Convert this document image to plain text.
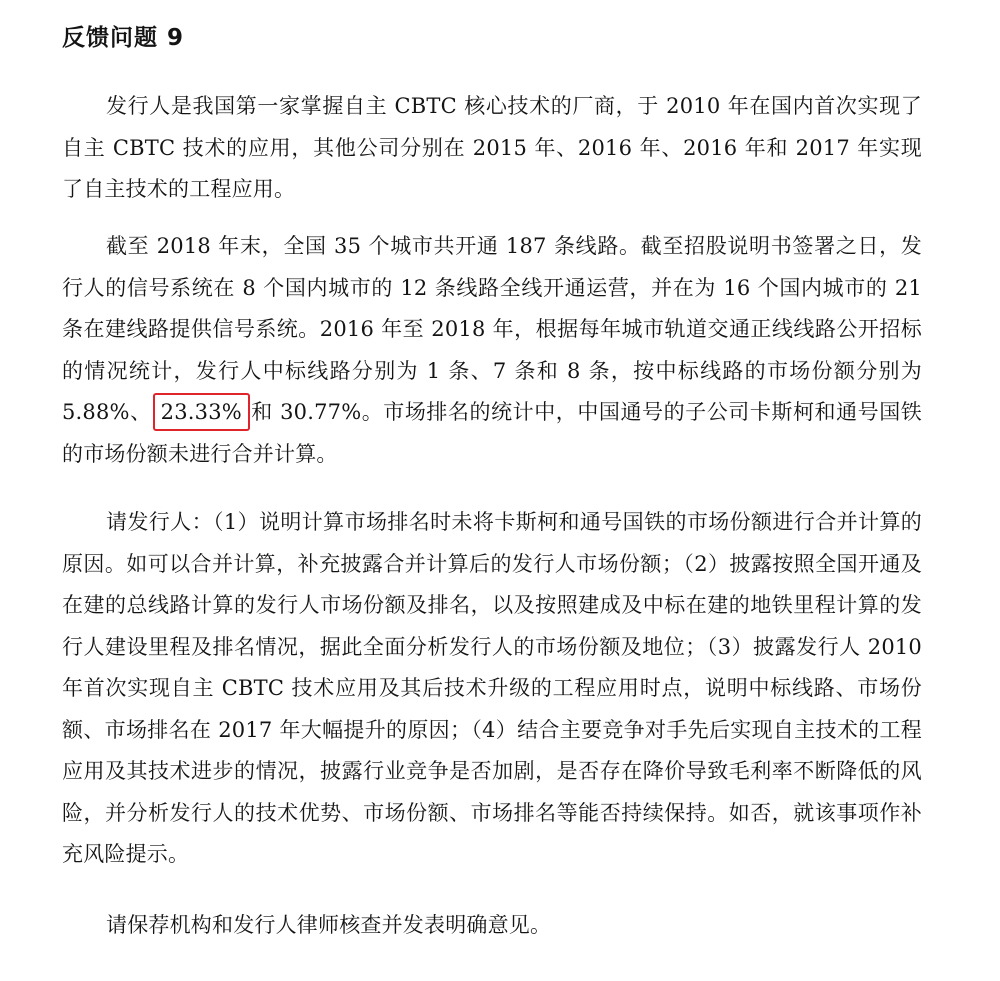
反馈问题 9

发行人是我国第一家掌握自主 CBTC 核心技术的厂商，于 2010 年在国内首次实现了自主 CBTC 技术的应用，其他公司分别在 2015 年、2016 年、2016 年和 2017 年实现了自主技术的工程应用。

截至 2018 年末，全国 35 个城市共开通 187 条线路。截至招股说明书签署之日，发行人的信号系统在 8 个国内城市的 12 条线路全线开通运营，并在为 16 个国内城市的 21 条在建线路提供信号系统。2016 年至 2018 年，根据每年城市轨道交通正线线路公开招标的情况统计，发行人中标线路分别为 1 条、7 条和 8 条，按中标线路的市场份额分别为 5.88%、 23.33% 和 30.77%。市场排名的统计中，中国通号的子公司卡斯柯和通号国铁的市场份额未进行合并计算。

请发行人：（1）说明计算市场排名时未将卡斯柯和通号国铁的市场份额进行合并计算的原因。如可以合并计算，补充披露合并计算后的发行人市场份额；（2）披露按照全国开通及在建的总线路计算的发行人市场份额及排名，以及按照建成及中标在建的地铁里程计算的发行人建设里程及排名情况，据此全面分析发行人的市场份额及地位；（3）披露发行人 2010 年首次实现自主 CBTC 技术应用及其后技术升级的工程应用时点，说明中标线路、市场份额、市场排名在 2017 年大幅提升的原因；（4）结合主要竞争对手先后实现自主技术的工程应用及其技术进步的情况，披露行业竞争是否加剧，是否存在降价导致毛利率不断降低的风险，并分析发行人的技术优势、市场份额、市场排名等能否持续保持。如否，就该事项作补充风险提示。

请保荐机构和发行人律师核查并发表明确意见。
